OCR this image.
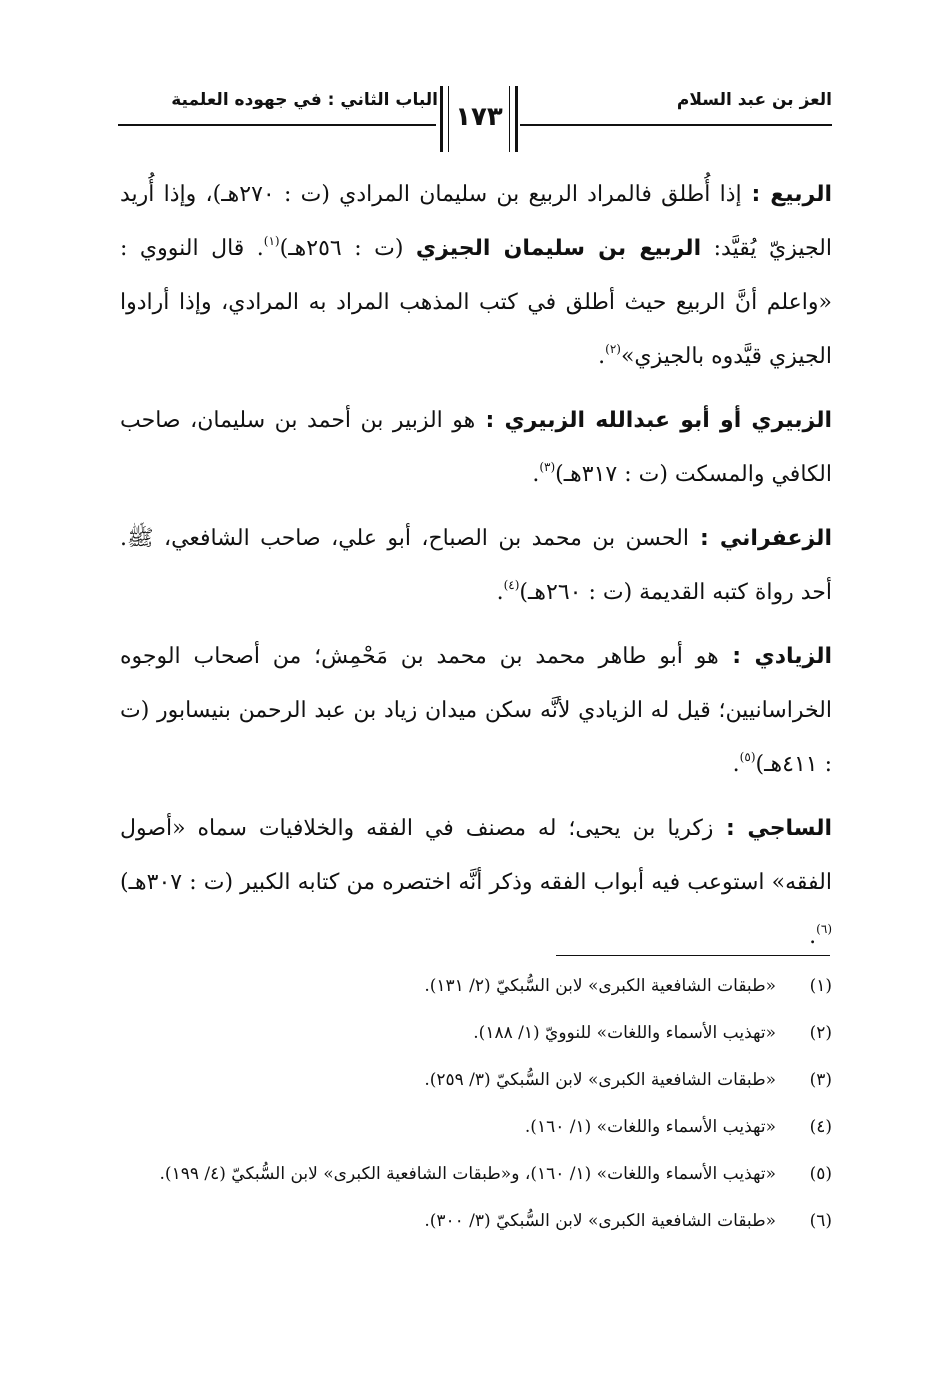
الباب الثاني : في جهوده العلمية	العز بن عبد السلام
١٧٣

الربيع : إذا أُطلق فالمراد الربيع بن سليمان المرادي (ت : ٢٧٠هـ)، وإذا أُريد الجيزيّ يُقيَّد: الربيع بن سليمان الجيزي (ت : ٢٥٦هـ)$^{(١)}$. قال النووي : «واعلم أنَّ الربيع حيث أطلق في كتب المذهب المراد به المرادي، وإذا أرادوا الجيزي قيَّدوه بالجيزي»$^{(٢)}$.

الزبيري أو أبو عبدالله الزبيري : هو الزبير بن أحمد بن سليمان، صاحب الكافي والمسكت (ت : ٣١٧هـ)$^{(٣)}$.

الزعفراني : الحسن بن محمد بن الصباح، أبو علي، صاحب الشافعي، ﷺ. أحد رواة كتبه القديمة (ت : ٢٦٠هـ)$^{(٤)}$.

الزيادي : هو أبو طاهر محمد بن محمد بن مَحْمِش؛ من أصحاب الوجوه الخراسانيين؛ قيل له الزيادي لأنَّه سكن ميدان زياد بن عبد الرحمن بنيسابور (ت : ٤١١هـ)$^{(٥)}$.

الساجي : زكريا بن يحيى؛ له مصنف في الفقه والخلافيات سماه «أصول الفقه» استوعب فيه أبواب الفقه وذكر أنَّه اختصره من كتابه الكبير (ت : ٣٠٧هـ)$^{(٦)}$.

(١)
«طبقات الشافعية الكبرى» لابن السُّبكيّ (٢/ ١٣١).
(٢)
«تهذيب الأسماء واللغات» للنوويّ (١/ ١٨٨).
(٣)
«طبقات الشافعية الكبرى» لابن السُّبكيّ (٣/ ٢٥٩).
(٤)
«تهذيب الأسماء واللغات» (١/ ١٦٠).
(٥)
«تهذيب الأسماء واللغات» (١/ ١٦٠)، و«طبقات الشافعية الكبرى» لابن السُّبكيّ (٤/ ١٩٩).
(٦)
«طبقات الشافعية الكبرى» لابن السُّبكيّ (٣/ ٣٠٠).
